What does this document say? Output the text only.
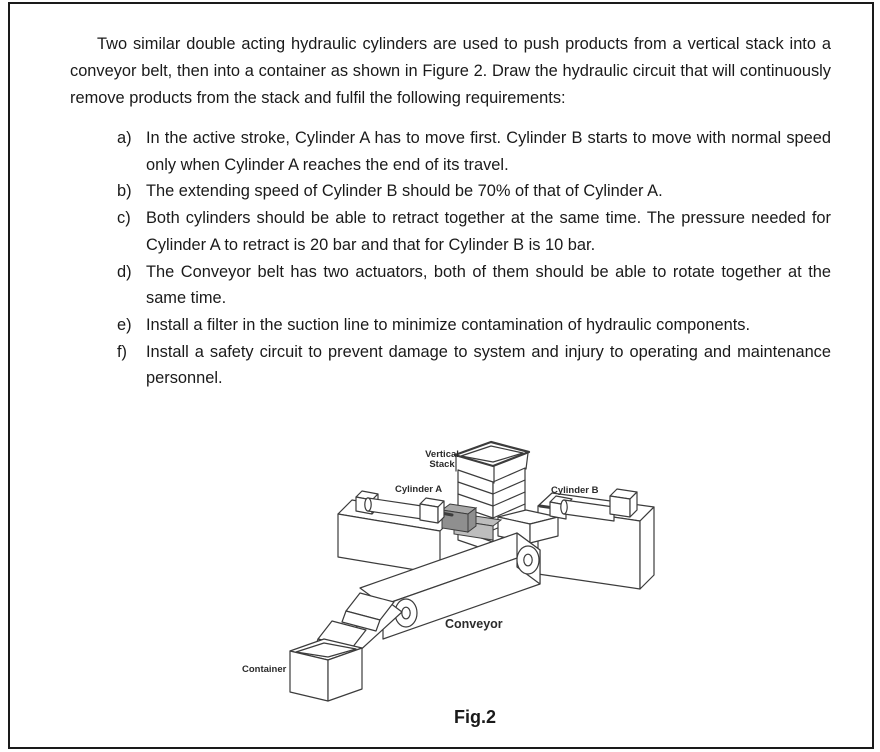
Two similar double acting hydraulic cylinders are used to push products from a vertical stack into a conveyor belt, then into a container as shown in Figure 2. Draw the hydraulic circuit that will continuously remove products from the stack and fulfil the following requirements:

a) In the active stroke, Cylinder A has to move first. Cylinder B starts to move with normal speed only when Cylinder A reaches the end of its travel.
b) The extending speed of Cylinder B should be 70% of that of Cylinder A.
c) Both cylinders should be able to retract together at the same time. The pressure needed for Cylinder A to retract is 20 bar and that for Cylinder B is 10 bar.
d) The Conveyor belt has two actuators, both of them should be able to rotate together at the same time.
e) Install a filter in the suction line to minimize contamination of hydraulic components.
f)	Install a safety circuit to prevent damage to system and injury to operating and maintenance personnel.
Vertical
Stack
Cylinder A	Cylinder B
Conveyor
Container
Fig.2
